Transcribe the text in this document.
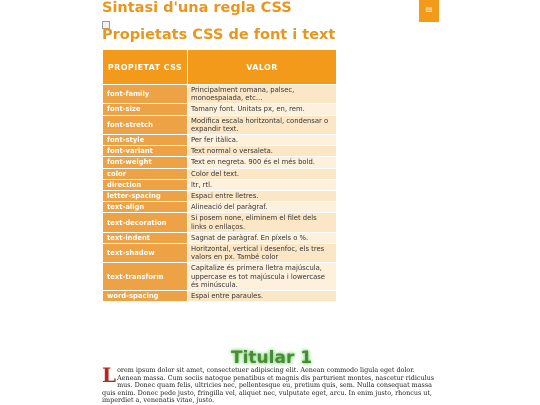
Sintasi d'una regla CSS	≡
Propietats CSS de font i text
PROPIETAT CSS	VALOR
font-family	Principalment romana, palsec, monoespaiada, etc...
font-size	Tamany font. Unitats px, en, rem.
font-stretch	Modifica escala horitzontal, condensar o expandir text.
font-style	Per fer itàlica.
font-variant	Text normal o versaleta.
font-weight	Text en negreta. 900 és el més bold.
color	Color del text.
direction	ltr, rtl.
letter-spacing	Espaci entre lletres.
text-align	Alineació del paràgraf.
text-decoration	Si posem none, eliminem el filet dels links o enllaços.
text-indent	Sagnat de paràgraf. En píxels o %.
text-shadow	Horitzontal, vertical i desenfoc, els tres valors en px. També color
text-transform	Capitalize és primera lletra majúscula, uppercase es tot majúscula i lowercase és minúscula.
word-spacing	Espai entre paraules.
Titular 1

Lorem ipsum dolor sit amet, consectetuer adipiscing elit. Aenean commodo ligula eget dolor. Aenean massa. Cum sociis natoque penatibus et magnis dis parturient montes, nascetur ridiculus mus. Donec quam felis, ultricies nec, pellentesque eu, pretium quis, sem. Nulla consequat massa quis enim. Donec pede justo, fringilla vel, aliquet nec, vulputate eget, arcu. In enim justo, rhoncus ut, imperdiet a, venenatis vitae, justo.
